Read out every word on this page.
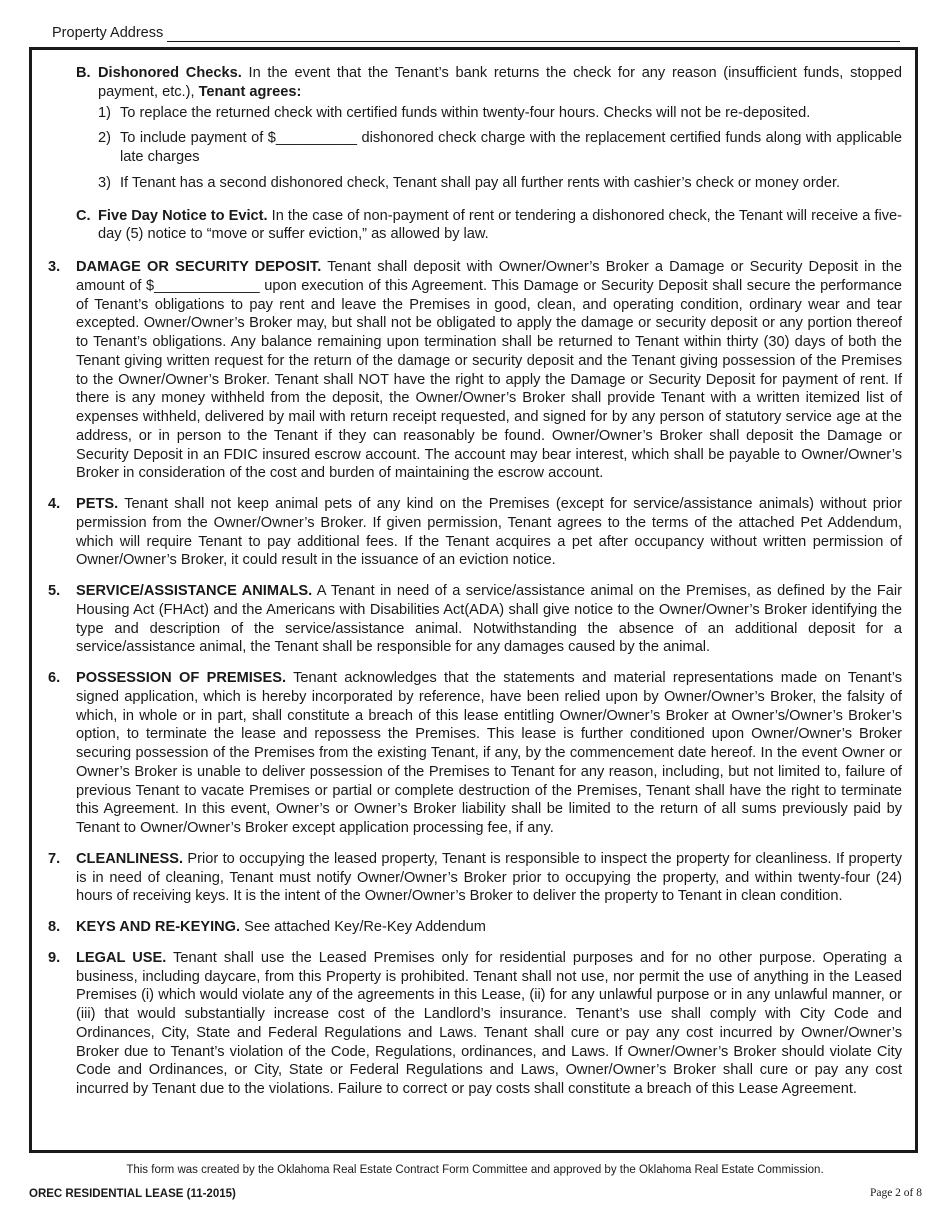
Property Address
B. Dishonored Checks. In the event that the Tenant’s bank returns the check for any reason (insufficient funds, stopped payment, etc.), Tenant agrees:
1) To replace the returned check with certified funds within twenty-four hours. Checks will not be re-deposited.
2) To include payment of $__________ dishonored check charge with the replacement certified funds along with applicable late charges
3) If Tenant has a second dishonored check, Tenant shall pay all further rents with cashier’s check or money order.
C. Five Day Notice to Evict. In the case of non-payment of rent or tendering a dishonored check, the Tenant will receive a five-day (5) notice to “move or suffer eviction,” as allowed by law.
3.	DAMAGE OR SECURITY DEPOSIT. Tenant shall deposit with Owner/Owner’s Broker a Damage or Security Deposit in the amount of $_____________ upon execution of this Agreement. This Damage or Security Deposit shall secure the performance of Tenant’s obligations to pay rent and leave the Premises in good, clean, and operating condition, ordinary wear and tear excepted. Owner/Owner’s Broker may, but shall not be obligated to apply the damage or security deposit or any portion thereof to Tenant’s obligations. Any balance remaining upon termination shall be returned to Tenant within thirty (30) days of both the Tenant giving written request for the return of the damage or security deposit and the Tenant giving possession of the Premises to the Owner/Owner’s Broker. Tenant shall NOT have the right to apply the Damage or Security Deposit for payment of rent. If there is any money withheld from the deposit, the Owner/Owner’s Broker shall provide Tenant with a written itemized list of expenses withheld, delivered by mail with return receipt requested, and signed for by any person of statutory service age at the address, or in person to the Tenant if they can reasonably be found. Owner/Owner’s Broker shall deposit the Damage or Security Deposit in an FDIC insured escrow account. The account may bear interest, which shall be payable to Owner/Owner’s Broker in consideration of the cost and burden of maintaining the escrow account.
4.	PETS. Tenant shall not keep animal pets of any kind on the Premises (except for service/assistance animals) without prior permission from the Owner/Owner’s Broker. If given permission, Tenant agrees to the terms of the attached Pet Addendum, which will require Tenant to pay additional fees. If the Tenant acquires a pet after occupancy without written permission of Owner/Owner’s Broker, it could result in the issuance of an eviction notice.
5.	SERVICE/ASSISTANCE ANIMALS. A Tenant in need of a service/assistance animal on the Premises, as defined by the Fair Housing Act (FHAct) and the Americans with Disabilities Act(ADA) shall give notice to the Owner/Owner’s Broker identifying the type and description of the service/assistance animal. Notwithstanding the absence of an additional deposit for a service/assistance animal, the Tenant shall be responsible for any damages caused by the animal.
6.	POSSESSION OF PREMISES. Tenant acknowledges that the statements and material representations made on Tenant’s signed application, which is hereby incorporated by reference, have been relied upon by Owner/Owner’s Broker, the falsity of which, in whole or in part, shall constitute a breach of this lease entitling Owner/Owner’s Broker at Owner’s/Owner’s Broker’s option, to terminate the lease and repossess the Premises. This lease is further conditioned upon Owner/Owner’s Broker securing possession of the Premises from the existing Tenant, if any, by the commencement date hereof. In the event Owner or Owner’s Broker is unable to deliver possession of the Premises to Tenant for any reason, including, but not limited to, failure of previous Tenant to vacate Premises or partial or complete destruction of the Premises, Tenant shall have the right to terminate this Agreement. In this event, Owner’s or Owner’s Broker liability shall be limited to the return of all sums previously paid by Tenant to Owner/Owner’s Broker except application processing fee, if any.
7.	CLEANLINESS. Prior to occupying the leased property, Tenant is responsible to inspect the property for cleanliness. If property is in need of cleaning, Tenant must notify Owner/Owner’s Broker prior to occupying the property, and within twenty-four (24) hours of receiving keys. It is the intent of the Owner/Owner’s Broker to deliver the property to Tenant in clean condition.
8.	KEYS AND RE-KEYING. See attached Key/Re-Key Addendum
9.	LEGAL USE. Tenant shall use the Leased Premises only for residential purposes and for no other purpose. Operating a business, including daycare, from this Property is prohibited. Tenant shall not use, nor permit the use of anything in the Leased Premises (i) which would violate any of the agreements in this Lease, (ii) for any unlawful purpose or in any unlawful manner, or (iii) that would substantially increase cost of the Landlord’s insurance. Tenant’s use shall comply with City Code and Ordinances, City, State and Federal Regulations and Laws. Tenant shall cure or pay any cost incurred by Owner/Owner’s Broker due to Tenant’s violation of the Code, Regulations, ordinances, and Laws. If Owner/Owner’s Broker should violate City Code and Ordinances, or City, State or Federal Regulations and Laws, Owner/Owner’s Broker shall cure or pay any cost incurred by Tenant due to the violations. Failure to correct or pay costs shall constitute a breach of this Lease Agreement.
This form was created by the Oklahoma Real Estate Contract Form Committee and approved by the Oklahoma Real Estate Commission.
OREC RESIDENTIAL LEASE (11-2015)	Page 2 of 8
